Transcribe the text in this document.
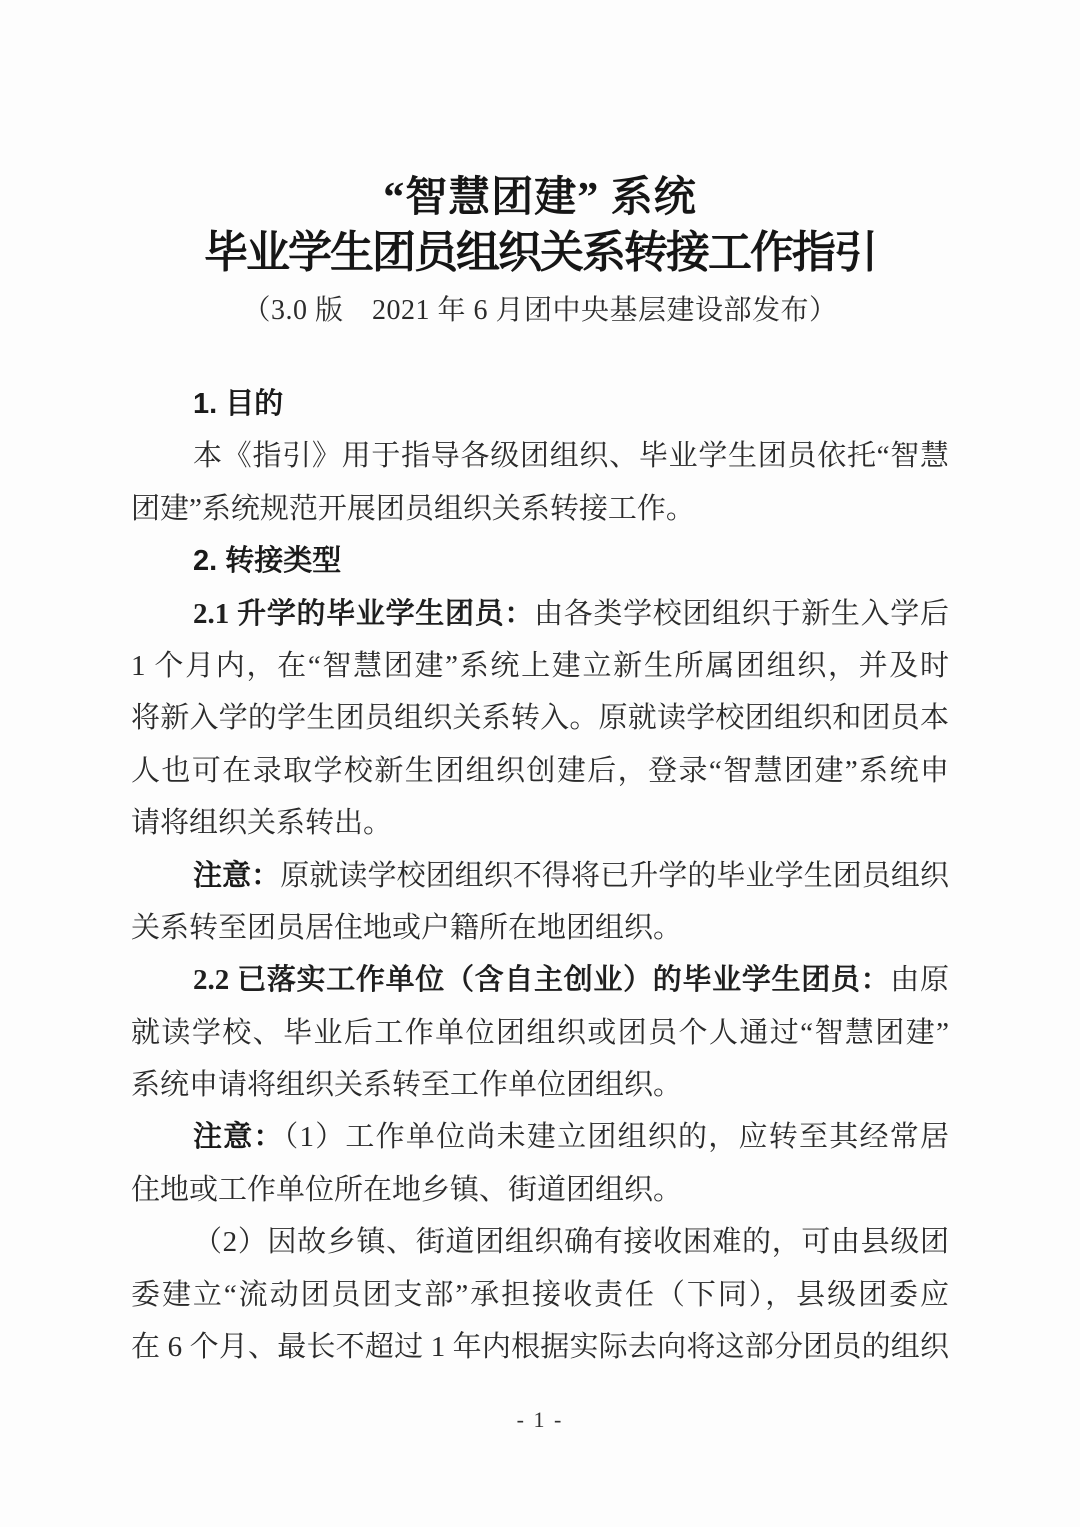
“智慧团建” 系统
毕业学生团员组织关系转接工作指引
（3.0 版　2021 年 6 月团中央基层建设部发布）
1. 目的
本《指引》用于指导各级团组织、毕业学生团员依托“智慧
团建”系统规范开展团员组织关系转接工作。
2. 转接类型
2.1 升学的毕业学生团员：由各类学校团组织于新生入学后
1 个月内，在“智慧团建”系统上建立新生所属团组织，并及时
将新入学的学生团员组织关系转入。原就读学校团组织和团员本
人也可在录取学校新生团组织创建后，登录“智慧团建”系统申
请将组织关系转出。
注意：原就读学校团组织不得将已升学的毕业学生团员组织
关系转至团员居住地或户籍所在地团组织。
2.2 已落实工作单位（含自主创业）的毕业学生团员：由原
就读学校、毕业后工作单位团组织或团员个人通过“智慧团建”
系统申请将组织关系转至工作单位团组织。
注意：（1）工作单位尚未建立团组织的，应转至其经常居
住地或工作单位所在地乡镇、街道团组织。
（2）因故乡镇、街道团组织确有接收困难的，可由县级团
委建立“流动团员团支部”承担接收责任（下同），县级团委应
在 6 个月、最长不超过 1 年内根据实际去向将这部分团员的组织
- 1 -
